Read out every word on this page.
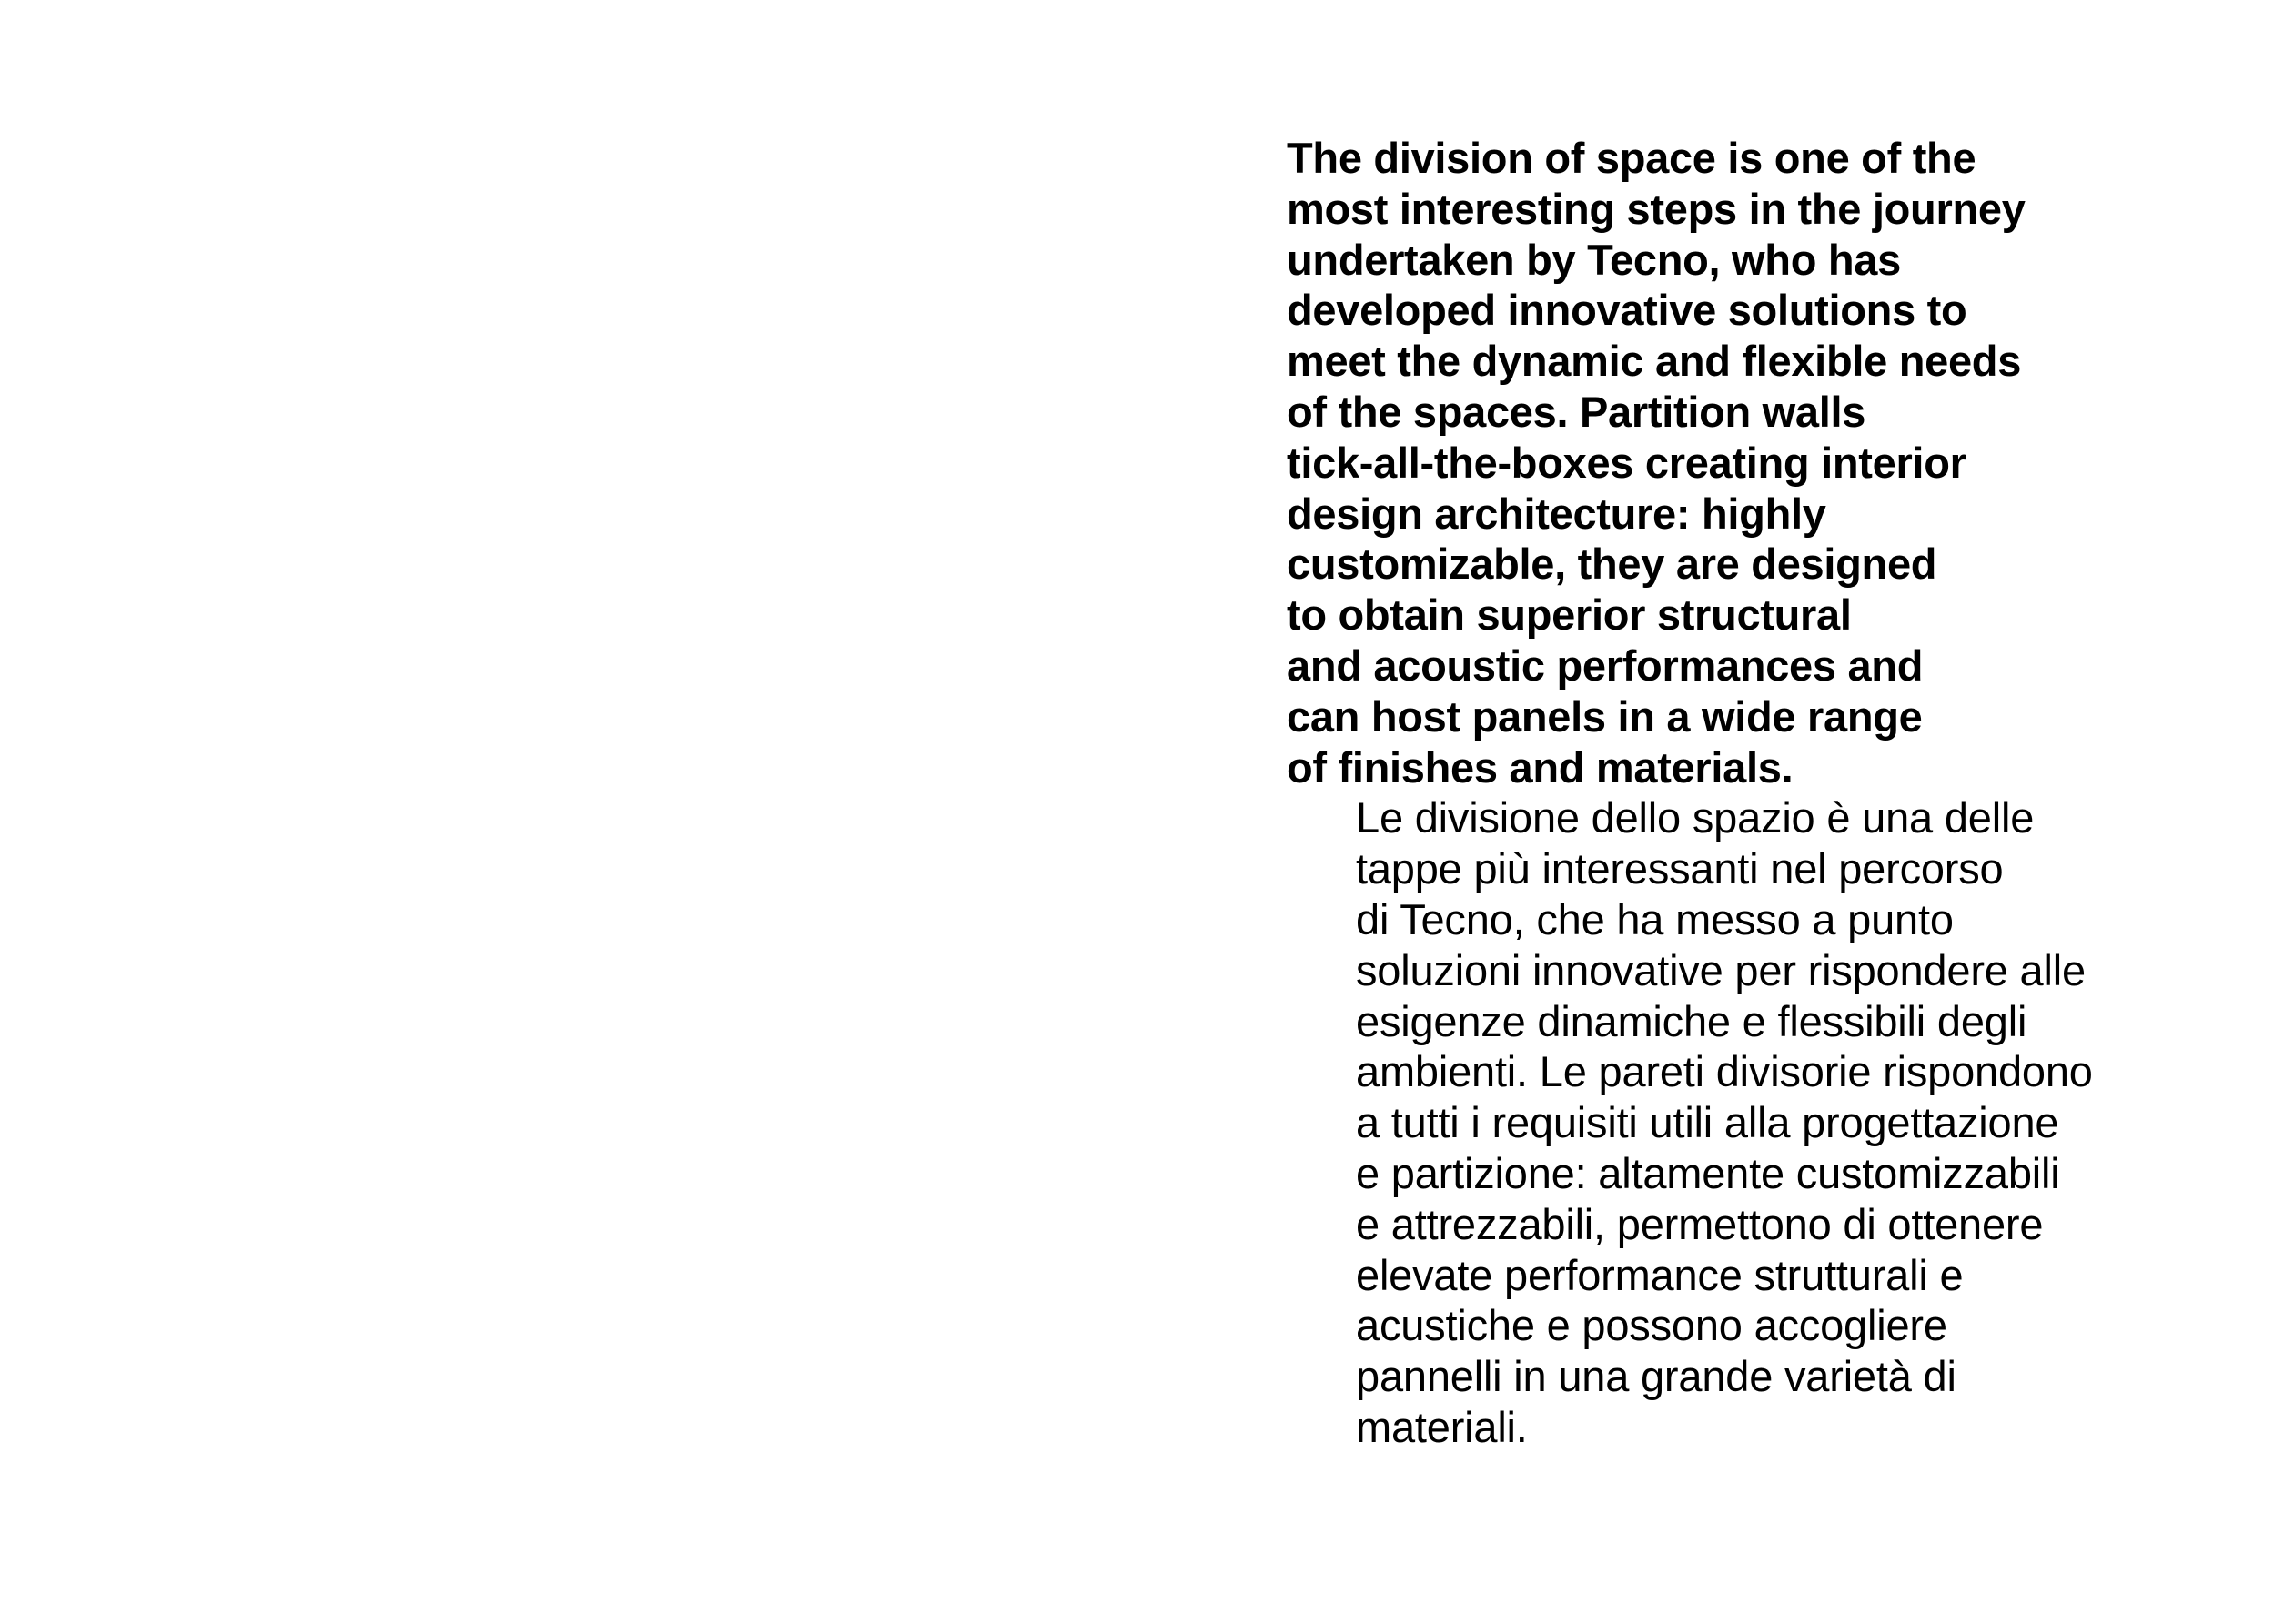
The division of space is one of the
most interesting steps in the journey
undertaken by Tecno, who has
developed innovative solutions to
meet the dynamic and flexible needs
of the spaces. Partition walls
tick-all-the-boxes creating interior
design architecture: highly
customizable, they are designed
to obtain superior structural
and acoustic performances and
can host panels in a wide range
of finishes and materials.
Le divisione dello spazio è una delle
tappe più interessanti nel percorso
di Tecno, che ha messo a punto
soluzioni innovative per rispondere alle
esigenze dinamiche e flessibili degli
ambienti. Le pareti divisorie rispondono
a tutti i requisiti utili alla progettazione
e partizione: altamente customizzabili
e attrezzabili, permettono di ottenere
elevate performance strutturali e
acustiche e possono accogliere
pannelli in una grande varietà di
materiali.
